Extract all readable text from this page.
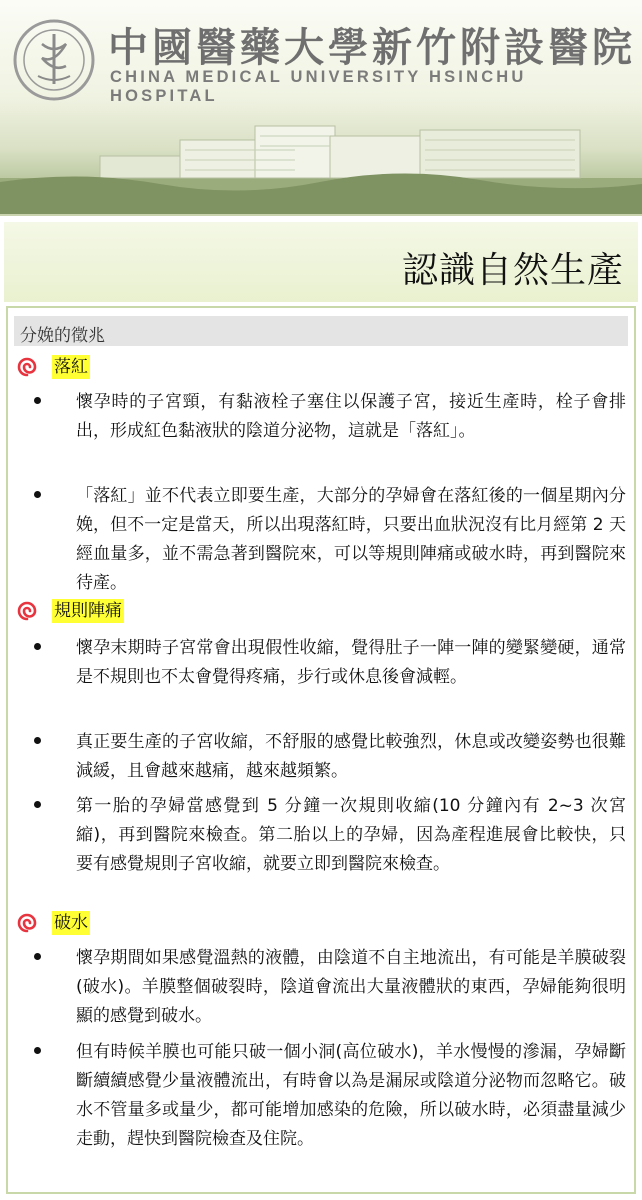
中國醫藥大學新竹附設醫院
CHINA MEDICAL UNIVERSITY HSINCHU HOSPITAL
認識自然生產
分娩的徵兆
落紅
懷孕時的子宮頸，有黏液栓子塞住以保護子宮，接近生產時，栓子會排出，形成紅色黏液狀的陰道分泌物，這就是「落紅」。
「落紅」並不代表立即要生產，大部分的孕婦會在落紅後的一個星期內分娩，但不一定是當天，所以出現落紅時，只要出血狀況沒有比月經第 2 天經血量多，並不需急著到醫院來，可以等規則陣痛或破水時，再到醫院來待產。
規則陣痛
懷孕末期時子宮常會出現假性收縮，覺得肚子一陣一陣的變緊變硬，通常是不規則也不太會覺得疼痛，步行或休息後會減輕。
真正要生產的子宮收縮，不舒服的感覺比較強烈，休息或改變姿勢也很難減緩，且會越來越痛，越來越頻繁。
第一胎的孕婦當感覺到 5 分鐘一次規則收縮(10 分鐘內有 2~3 次宮縮)，再到醫院來檢查。第二胎以上的孕婦，因為產程進展會比較快，只要有感覺規則子宮收縮，就要立即到醫院來檢查。
破水
懷孕期間如果感覺溫熱的液體，由陰道不自主地流出，有可能是羊膜破裂(破水)。羊膜整個破裂時，陰道會流出大量液體狀的東西，孕婦能夠很明顯的感覺到破水。
但有時候羊膜也可能只破一個小洞(高位破水)，羊水慢慢的滲漏，孕婦斷斷續續感覺少量液體流出，有時會以為是漏尿或陰道分泌物而忽略它。破水不管量多或量少，都可能增加感染的危險，所以破水時，必須盡量減少走動，趕快到醫院檢查及住院。
